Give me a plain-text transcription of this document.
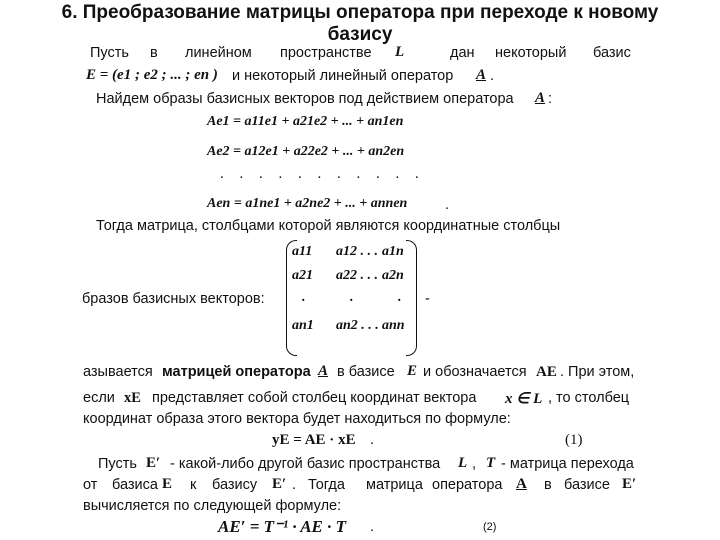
6. Преобразование матрицы оператора при переходе к новому
базису
Пусть в линейном пространстве L	дан некоторый базис
E = (e1 ; e2 ; ... ; en ) и некоторый линейный оператор A .
Найдем образы базисных векторов под действием оператора A :
Ae1 = a11e1 + a21e2 + ... + an1en
Ae2 = a12e1 + a22e2 + ... + an2en
. . . . . . . . . . .
Aen = a1ne1 + a2ne2 + ... + annen	.
Тогда матрица, столбцами которой являются координатные столбцы
бразов базисных векторов:	-
a11 a12 . . . a1n
a21 a22 . . . a2n
.	.	.
an1 an2 . . . ann
азывается матрицей оператора A в базисе E и обозначается AE . При этом,
если xE представляет собой столбец координат вектора x ∈ L , то столбец
координат образа этого вектора будет находиться по формуле:
yE = AE · xE .	(1)
Пусть E′ - какой-либо другой базис пространства L , T - матрица перехода
от базиса E к базису E′ . Тогда матрица оператора A в базисе E′
вычисляется по следующей формуле:
AE′ = T⁻¹ · AE · T .	(2)
